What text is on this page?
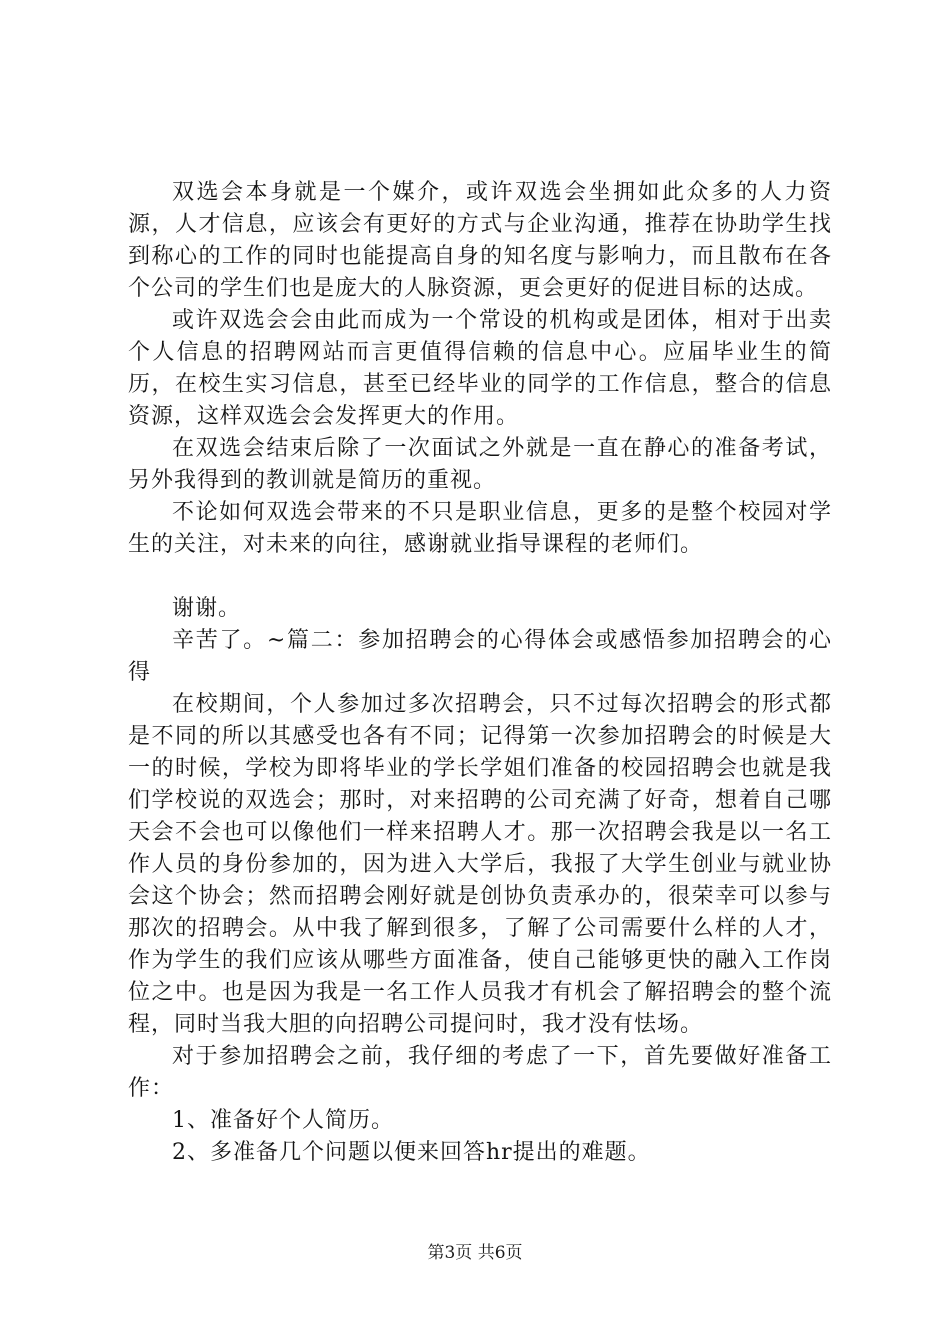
双选会本身就是一个媒介，或许双选会坐拥如此众多的人力资源，人才信息，应该会有更好的方式与企业沟通，推荐在协助学生找到称心的工作的同时也能提高自身的知名度与影响力，而且散布在各个公司的学生们也是庞大的人脉资源，更会更好的促进目标的达成。

或许双选会会由此而成为一个常设的机构或是团体，相对于出卖个人信息的招聘网站而言更值得信赖的信息中心。应届毕业生的简历，在校生实习信息，甚至已经毕业的同学的工作信息，整合的信息资源，这样双选会会发挥更大的作用。

在双选会结束后除了一次面试之外就是一直在静心的准备考试，另外我得到的教训就是简历的重视。

不论如何双选会带来的不只是职业信息，更多的是整个校园对学生的关注，对未来的向往，感谢就业指导课程的老师们。

谢谢。

辛苦了。~篇二：参加招聘会的心得体会或感悟参加招聘会的心得

在校期间，个人参加过多次招聘会，只不过每次招聘会的形式都是不同的所以其感受也各有不同；记得第一次参加招聘会的时候是大一的时候，学校为即将毕业的学长学姐们准备的校园招聘会也就是我们学校说的双选会；那时，对来招聘的公司充满了好奇，想着自己哪天会不会也可以像他们一样来招聘人才。那一次招聘会我是以一名工作人员的身份参加的，因为进入大学后，我报了大学生创业与就业协会这个协会；然而招聘会刚好就是创协负责承办的，很荣幸可以参与那次的招聘会。从中我了解到很多，了解了公司需要什么样的人才，作为学生的我们应该从哪些方面准备，使自己能够更快的融入工作岗位之中。也是因为我是一名工作人员我才有机会了解招聘会的整个流程，同时当我大胆的向招聘公司提问时，我才没有怯场。

对于参加招聘会之前，我仔细的考虑了一下，首先要做好准备工作：

1、准备好个人简历。

2、多准备几个问题以便来回答hr提出的难题。

第3页 共6页
